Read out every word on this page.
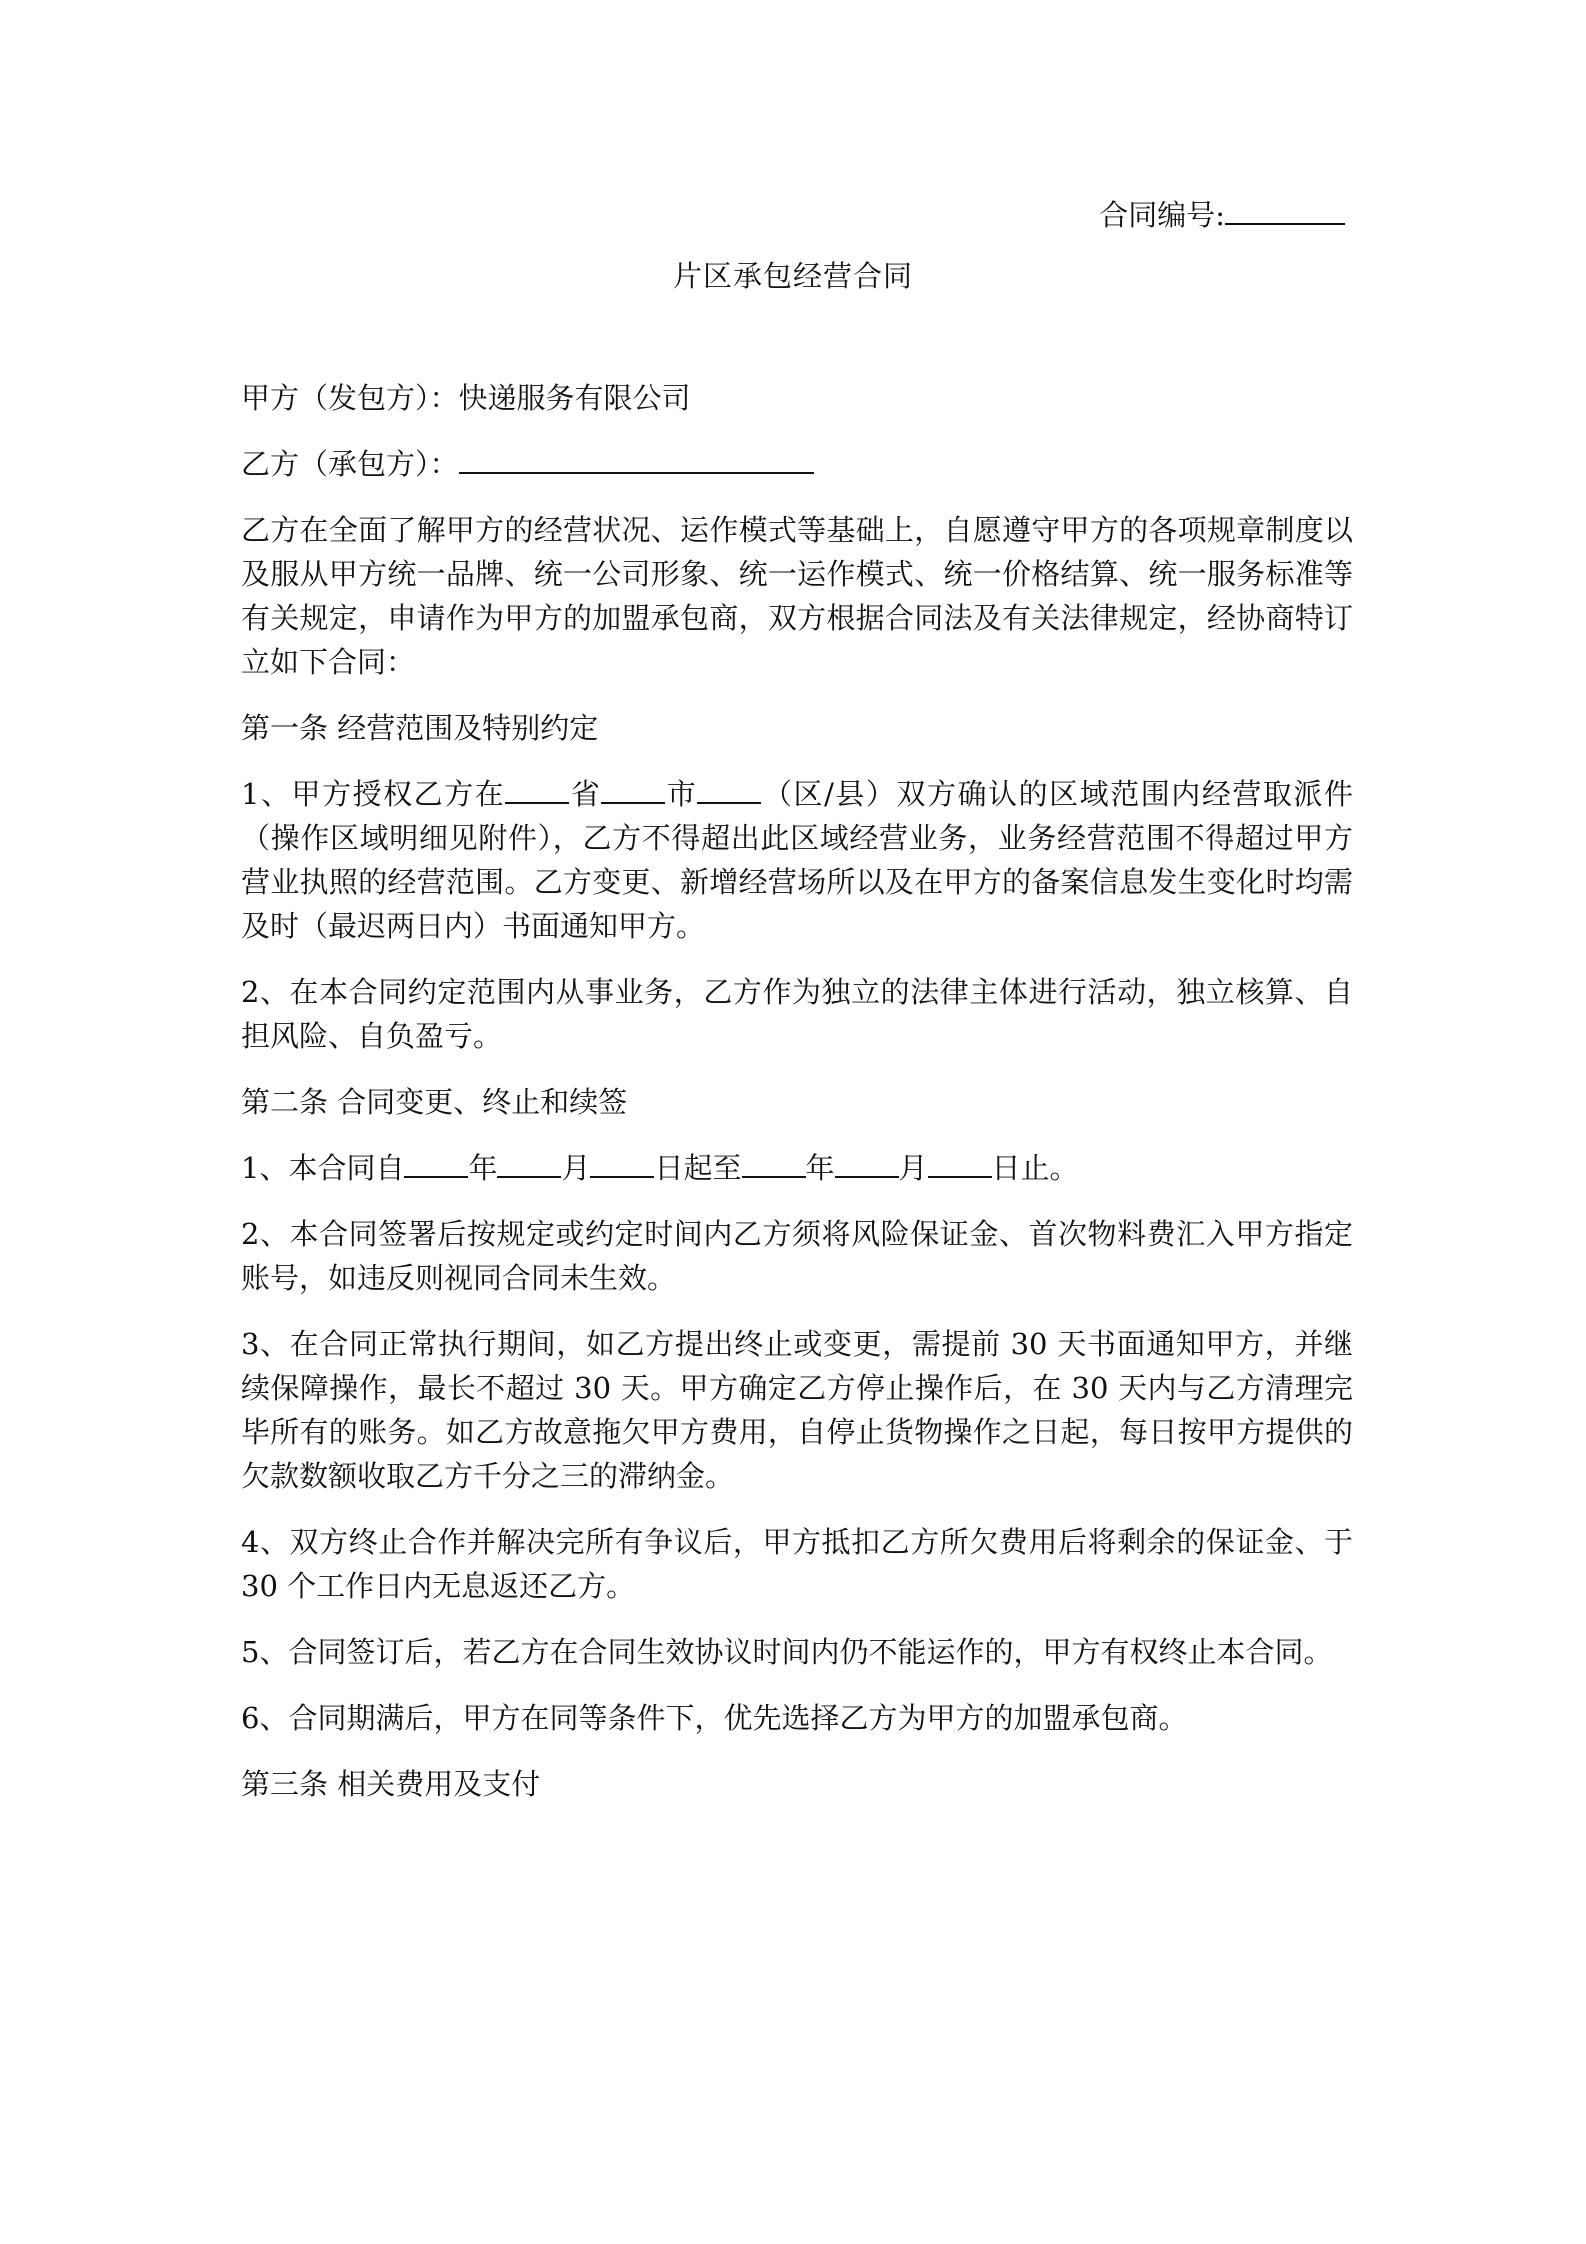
合同编号:
片区承包经营合同

甲方（发包方）：快递服务有限公司

乙方（承包方）：

乙方在全面了解甲方的经营状况、运作模式等基础上，自愿遵守甲方的各项规章制度以及服从甲方统一品牌、统一公司形象、统一运作模式、统一价格结算、统一服务标准等有关规定，申请作为甲方的加盟承包商，双方根据合同法及有关法律规定，经协商特订立如下合同：

第一条 经营范围及特别约定

1、甲方授权乙方在 省 市 （区/县）双方确认的区域范围内经营取派件（操作区域明细见附件），乙方不得超出此区域经营业务，业务经营范围不得超过甲方营业执照的经营范围。乙方变更、新增经营场所以及在甲方的备案信息发生变化时均需及时（最迟两日内）书面通知甲方。

2、在本合同约定范围内从事业务，乙方作为独立的法律主体进行活动，独立核算、自担风险、自负盈亏。

第二条 合同变更、终止和续签

1、本合同自 年 月 日起至 年 月 日止。

2、本合同签署后按规定或约定时间内乙方须将风险保证金、首次物料费汇入甲方指定账号，如违反则视同合同未生效。

3、在合同正常执行期间，如乙方提出终止或变更，需提前 30 天书面通知甲方，并继续保障操作，最长不超过 30 天。甲方确定乙方停止操作后，在 30 天内与乙方清理完毕所有的账务。如乙方故意拖欠甲方费用，自停止货物操作之日起，每日按甲方提供的欠款数额收取乙方千分之三的滞纳金。

4、双方终止合作并解决完所有争议后，甲方抵扣乙方所欠费用后将剩余的保证金、于 30 个工作日内无息返还乙方。

5、合同签订后，若乙方在合同生效协议时间内仍不能运作的，甲方有权终止本合同。

6、合同期满后，甲方在同等条件下，优先选择乙方为甲方的加盟承包商。

第三条 相关费用及支付
